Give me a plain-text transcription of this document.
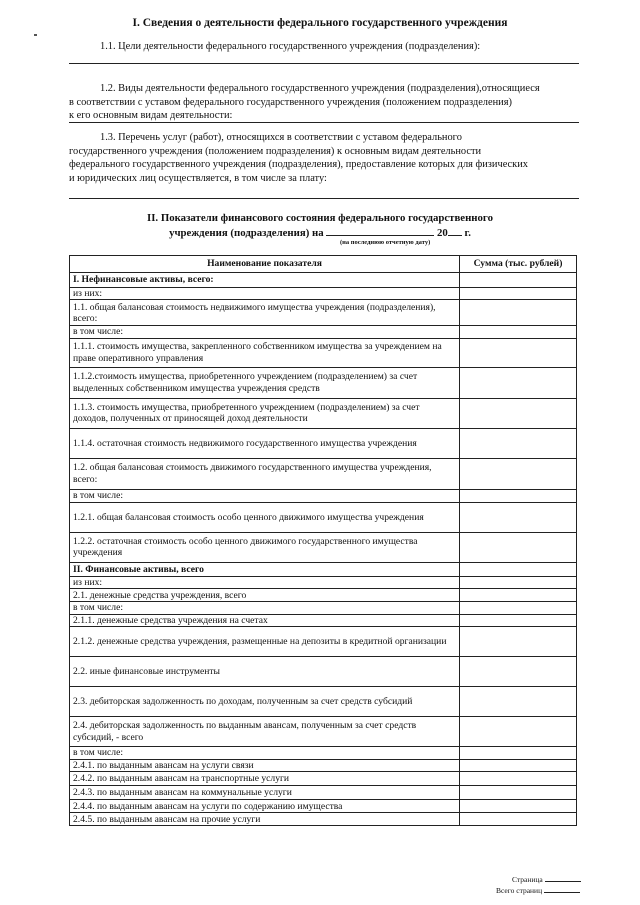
I. Сведения о деятельности федерального государственного учреждения
1.1. Цели деятельности федерального государственного учреждения (подразделения):
1.2. Виды деятельности федерального государственного учреждения (подразделения),относящиеся
в соответствии с уставом федерального государственного учреждения (положением подразделения)
к его основным видам деятельности:
1.3. Перечень услуг (работ), относящихся в соответствии с уставом федерального
государственного учреждения (положением подразделения) к основным видам деятельности
федерального государственного учреждения (подразделения), предоставление которых для физических
и юридических лиц осуществляется, в том числе за плату:
II. Показатели финансового состояния федерального государственного
учреждения (подразделения) на	20 г.
(на последнюю отчетную дату)
Наименование показателя	Сумма (тыс. рублей)
I. Нефинансовые активы, всего:	
из них:	
1.1. общая балансовая стоимость недвижимого имущества учреждения (подразделения), всего:	
в том числе:	
1.1.1. стоимость имущества, закрепленного собственником имущества за учреждением на праве оперативного управления	
1.1.2.стоимость имущества, приобретенного учреждением (подразделением) за счет выделенных собственником имущества учреждения средств	
1.1.3. стоимость имущества, приобретенного учреждением (подразделением) за счет доходов, полученных от приносящей доход деятельности	
1.1.4. остаточная стоимость недвижимого государственного имущества учреждения	
1.2. общая балансовая стоимость движимого государственного имущества учреждения, всего:	
в том числе:	
1.2.1. общая балансовая стоимость особо ценного движимого имущества учреждения	
1.2.2. остаточная стоимость особо ценного движимого государственного имущества учреждения	
II. Финансовые активы, всего	
из них:	
2.1. денежные средства учреждения, всего	
в том числе:	
2.1.1. денежные средства учреждения на счетах	
2.1.2. денежные средства учреждения, размещенные на депозиты в кредитной организации	
2.2. иные финансовые инструменты	
2.3. дебиторская задолженность по доходам, полученным за счет средств субсидий	
2.4. дебиторская задолженность по выданным авансам, полученным за счет средств субсидий, - всего	
в том числе:	
2.4.1. по выданным авансам на услуги связи	
2.4.2. по выданным авансам на транспортные услуги	
2.4.3. по выданным авансам на коммунальные услуги	
2.4.4. по выданным авансам на услуги по содержанию имущества	
2.4.5. по выданным авансам на прочие услуги	
Страница
Всего страниц
